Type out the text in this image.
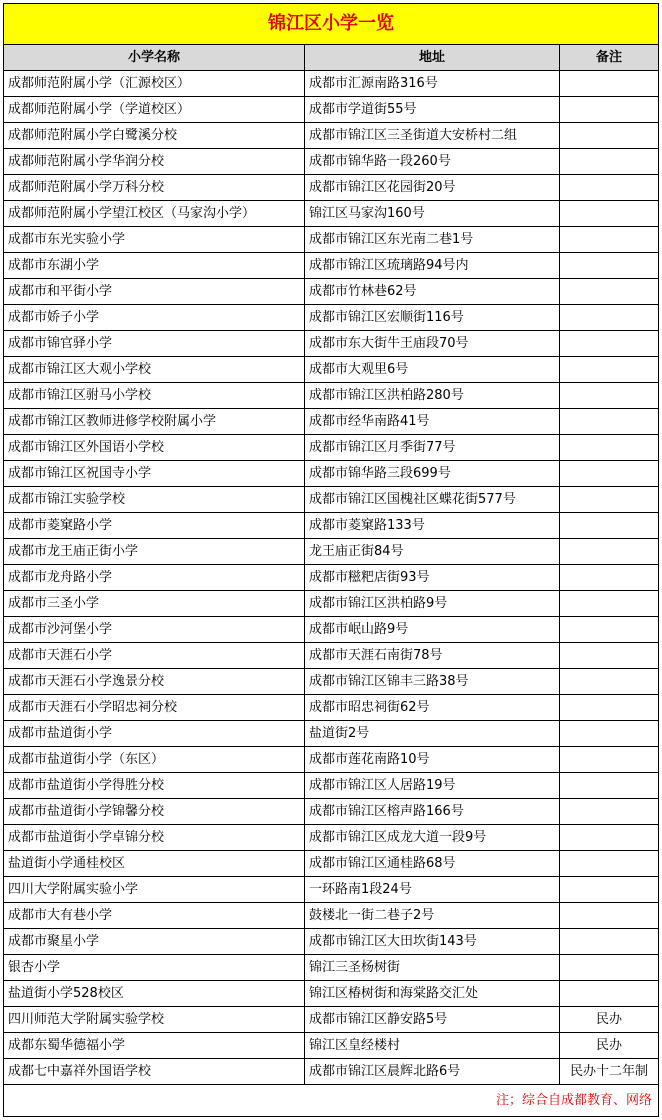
锦江区小学一览		
小学名称	地址	备注
成都师范附属小学（汇源校区）	成都市汇源南路316号	
成都师范附属小学（学道校区）	成都市学道街55号	
成都师范附属小学白鹭溪分校	成都市锦江区三圣街道大安桥村二组	
成都师范附属小学华润分校	成都市锦华路一段260号	
成都师范附属小学万科分校	成都市锦江区花园街20号	
成都师范附属小学望江校区（马家沟小学）	锦江区马家沟160号	
成都市东光实验小学	成都市锦江区东光南二巷1号	
成都市东湖小学	成都市锦江区琉璃路94号内	
成都市和平街小学	成都市竹林巷62号	
成都市娇子小学	成都市锦江区宏顺街116号	
成都市锦官驿小学	成都市东大街牛王庙段70号	
成都市锦江区大观小学校	成都市大观里6号	
成都市锦江区驸马小学校	成都市锦江区洪柏路280号	
成都市锦江区教师进修学校附属小学	成都市经华南路41号	
成都市锦江区外国语小学校	成都市锦江区月季街77号	
成都市锦江区祝国寺小学	成都市锦华路三段699号	
成都市锦江实验学校	成都市锦江区国槐社区蝶花街577号	
成都市菱窠路小学	成都市菱窠路133号	
成都市龙王庙正街小学	龙王庙正街84号	
成都市龙舟路小学	成都市糍粑店街93号	
成都市三圣小学	成都市锦江区洪柏路9号	
成都市沙河堡小学	成都市岷山路9号	
成都市天涯石小学	成都市天涯石南街78号	
成都市天涯石小学逸景分校	成都市锦江区锦丰三路38号	
成都市天涯石小学昭忠祠分校	成都市昭忠祠街62号	
成都市盐道街小学	盐道街2号	
成都市盐道街小学（东区）	成都市莲花南路10号	
成都市盐道街小学得胜分校	成都市锦江区人居路19号	
成都市盐道街小学锦馨分校	成都市锦江区榕声路166号	
成都市盐道街小学卓锦分校	成都市锦江区成龙大道一段9号	
盐道街小学通桂校区	成都市锦江区通桂路68号	
四川大学附属实验小学	一环路南1段24号	
成都市大有巷小学	鼓楼北一街二巷子2号	
成都市聚星小学	成都市锦江区大田坎街143号	
银杏小学	锦江三圣杨树街	
盐道街小学528校区	锦江区椿树街和海棠路交汇处	
四川师范大学附属实验学校	成都市锦江区静安路5号	民办
成都东蜀华德福小学	锦江区皇经楼村	民办
成都七中嘉祥外国语学校	成都市锦江区晨辉北路6号	民办十二年制
注；综合自成都教育、网络		
